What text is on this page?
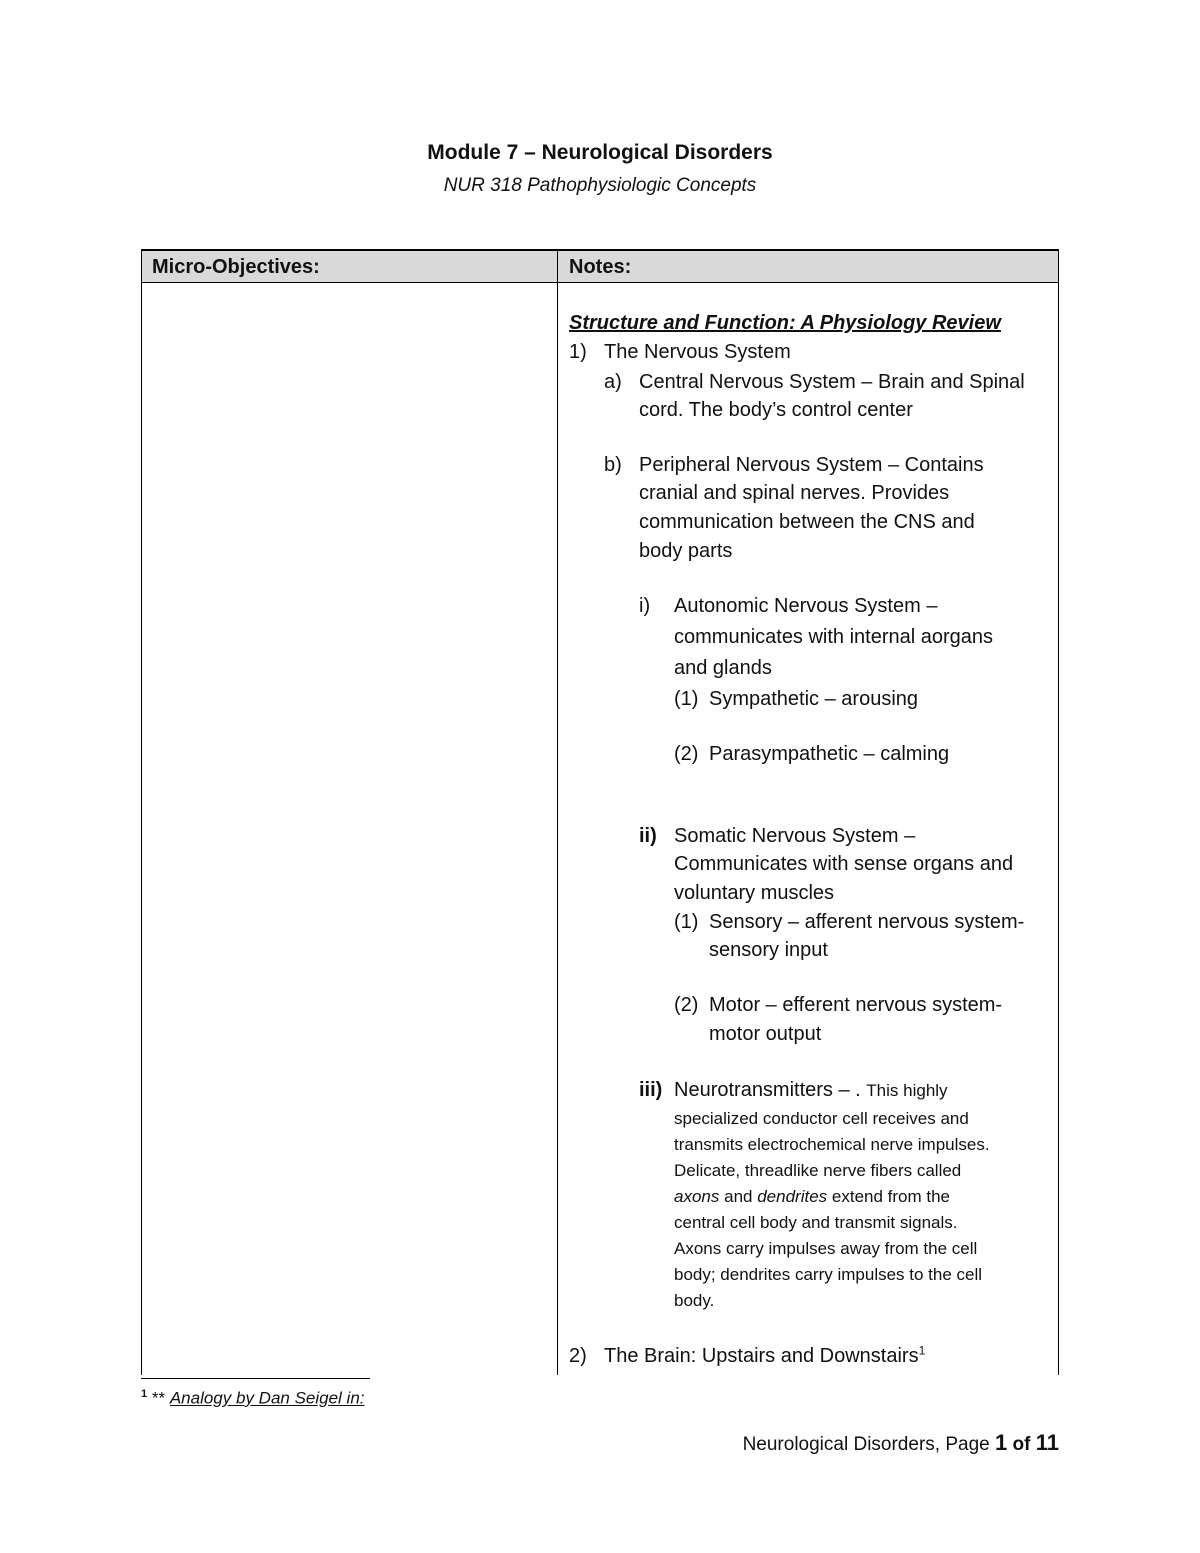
Module 7 – Neurological Disorders
NUR 318 Pathophysiologic Concepts
Micro-Objectives:	Notes:
Structure and Function: A Physiology Review
1) The Nervous System
a) Central Nervous System – Brain and Spinal
cord. The body’s control center
b) Peripheral Nervous System – Contains
cranial and spinal nerves. Provides
communication between the CNS and
body parts
i) Autonomic Nervous System –
communicates with internal aorgans
and glands
(1) Sympathetic – arousing
(2) Parasympathetic – calming
ii) Somatic Nervous System –
Communicates with sense organs and
voluntary muscles
(1) Sensory – afferent nervous system-
sensory input
(2) Motor – efferent nervous system-
motor output
iii) Neurotransmitters – . This highly
specialized conductor cell receives and
transmits electrochemical nerve impulses.
Delicate, threadlike nerve fibers called
axons and dendrites extend from the
central cell body and transmit signals.
Axons carry impulses away from the cell
body; dendrites carry impulses to the cell
body.
2) The Brain: Upstairs and Downstairs$^1$
$^1$ ** Analogy by Dan Seigel in:
Neurological Disorders, Page 1 of 11
